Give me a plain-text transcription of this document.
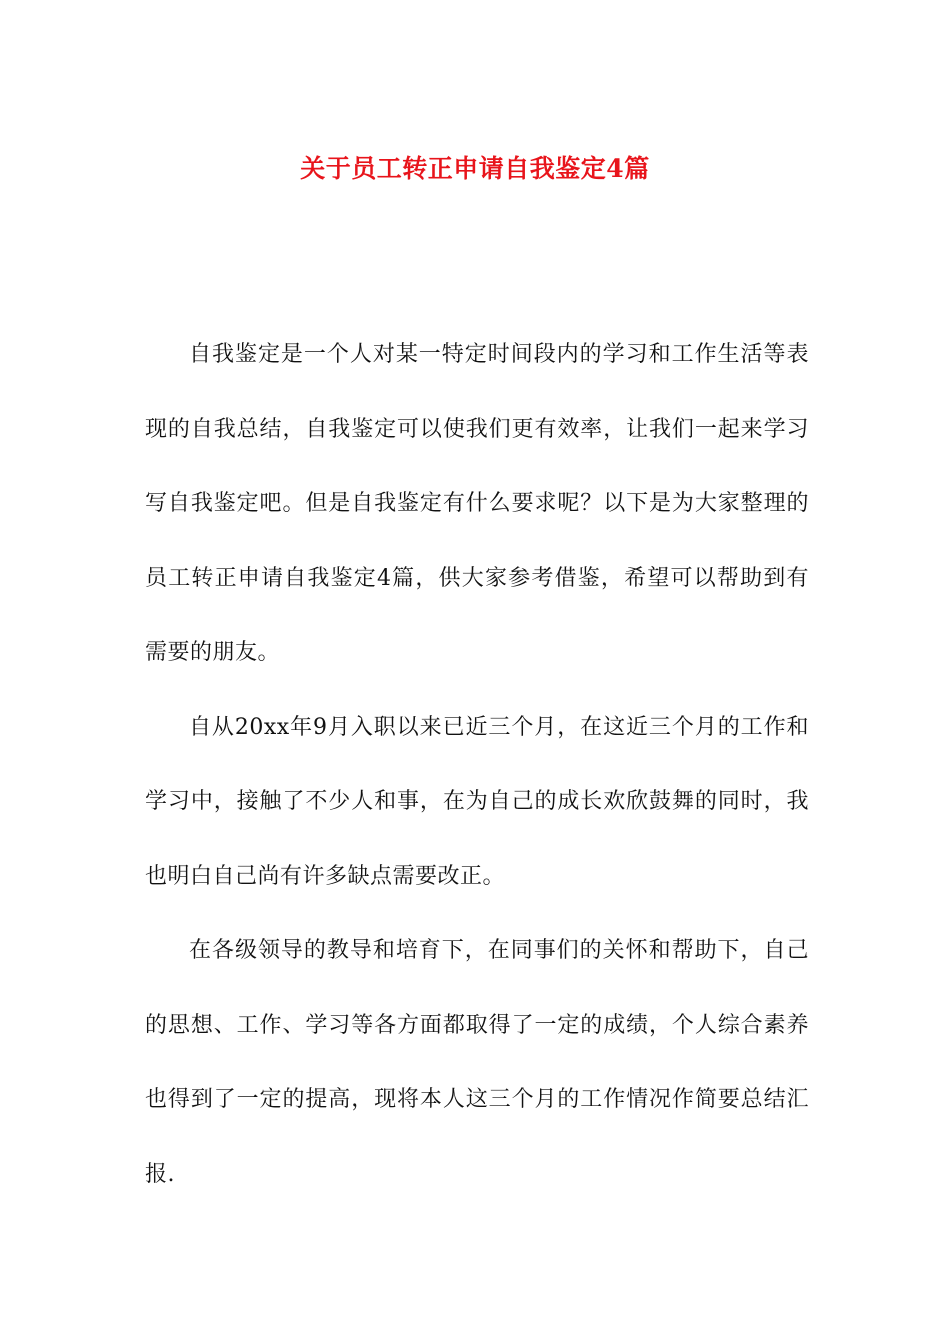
关于员工转正申请自我鉴定4篇

自我鉴定是一个人对某一特定时间段内的学习和工作生活等表现的自我总结，自我鉴定可以使我们更有效率，让我们一起来学习写自我鉴定吧。但是自我鉴定有什么要求呢？以下是为大家整理的员工转正申请自我鉴定4篇，供大家参考借鉴，希望可以帮助到有需要的朋友。

自从20xx年9月入职以来已近三个月，在这近三个月的工作和学习中，接触了不少人和事，在为自己的成长欢欣鼓舞的同时，我也明白自己尚有许多缺点需要改正。

在各级领导的教导和培育下，在同事们的关怀和帮助下，自己的思想、工作、学习等各方面都取得了一定的成绩，个人综合素养也得到了一定的提高，现将本人这三个月的工作情况作简要总结汇报.
